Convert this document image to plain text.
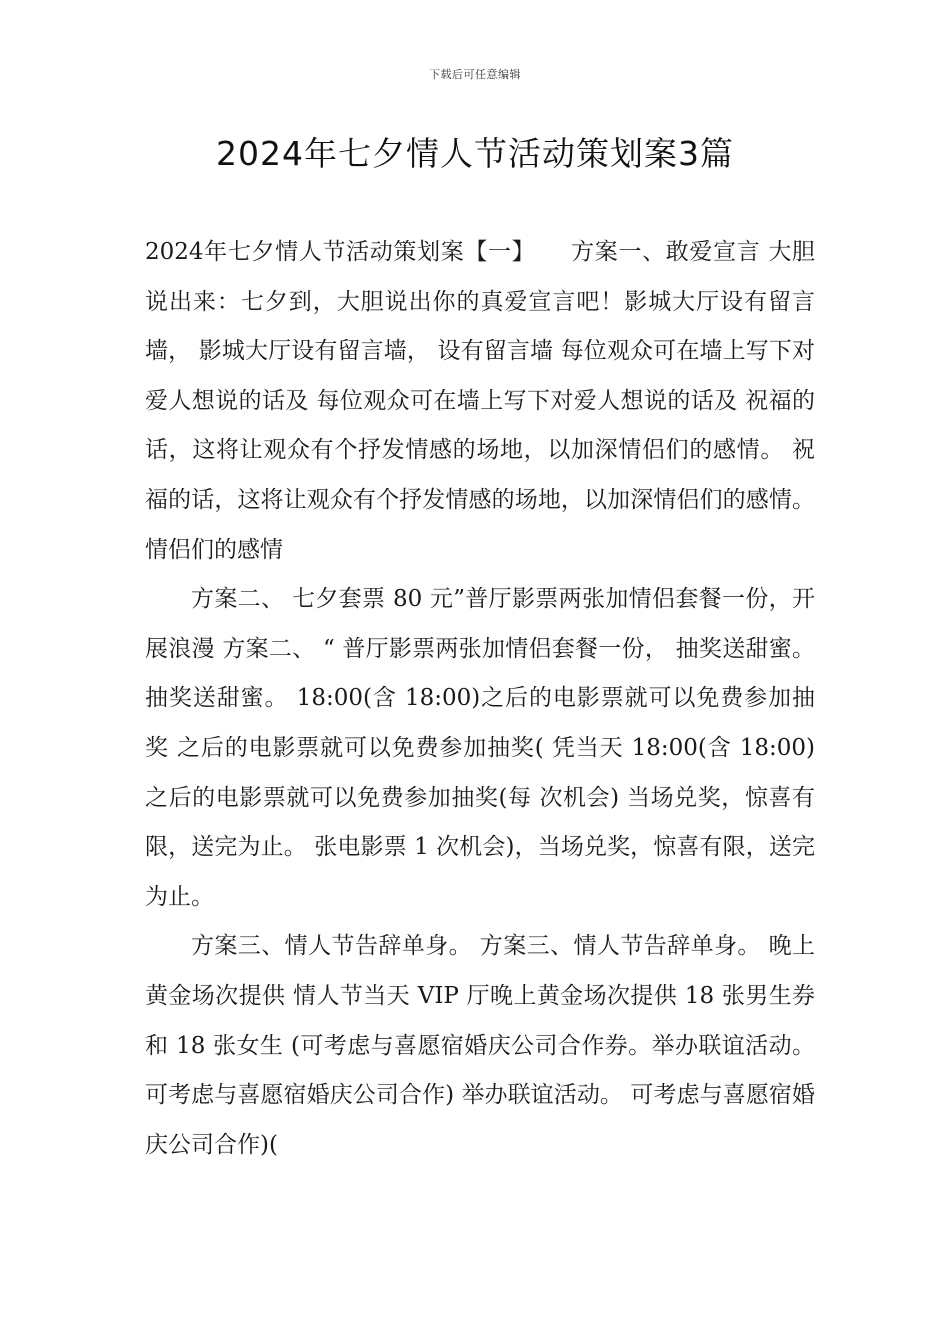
下载后可任意编辑
2024年七夕情人节活动策划案3篇

2024年七夕情人节活动策划案【一】　　方案一、敢爱宣言 大胆说出来：七夕到，大胆说出你的真爱宣言吧！影城大厅设有留言墙， 影城大厅设有留言墙， 设有留言墙 每位观众可在墙上写下对爱人想说的话及 每位观众可在墙上写下对爱人想说的话及 祝福的话，这将让观众有个抒发情感的场地，以加深情侣们的感情。 祝福的话，这将让观众有个抒发情感的场地，以加深情侣们的感情。 情侣们的感情

方案二、 七夕套票 80 元”普厅影票两张加情侣套餐一份，开展浪漫 方案二、 “ 普厅影票两张加情侣套餐一份， 抽奖送甜蜜。 抽奖送甜蜜。 18:00(含 18:00)之后的电影票就可以免费参加抽奖 之后的电影票就可以免费参加抽奖( 凭当天 18:00(含 18:00)之后的电影票就可以免费参加抽奖(每 次机会) 当场兑奖，惊喜有限，送完为止。 张电影票 1 次机会)，当场兑奖，惊喜有限，送完为止。

方案三、情人节告辞单身。 方案三、情人节告辞单身。 晚上黄金场次提供 情人节当天 VIP 厅晚上黄金场次提供 18 张男生券和 18 张女生 (可考虑与喜愿宿婚庆公司合作券。举办联谊活动。 可考虑与喜愿宿婚庆公司合作) 举办联谊活动。 可考虑与喜愿宿婚庆公司合作)(
